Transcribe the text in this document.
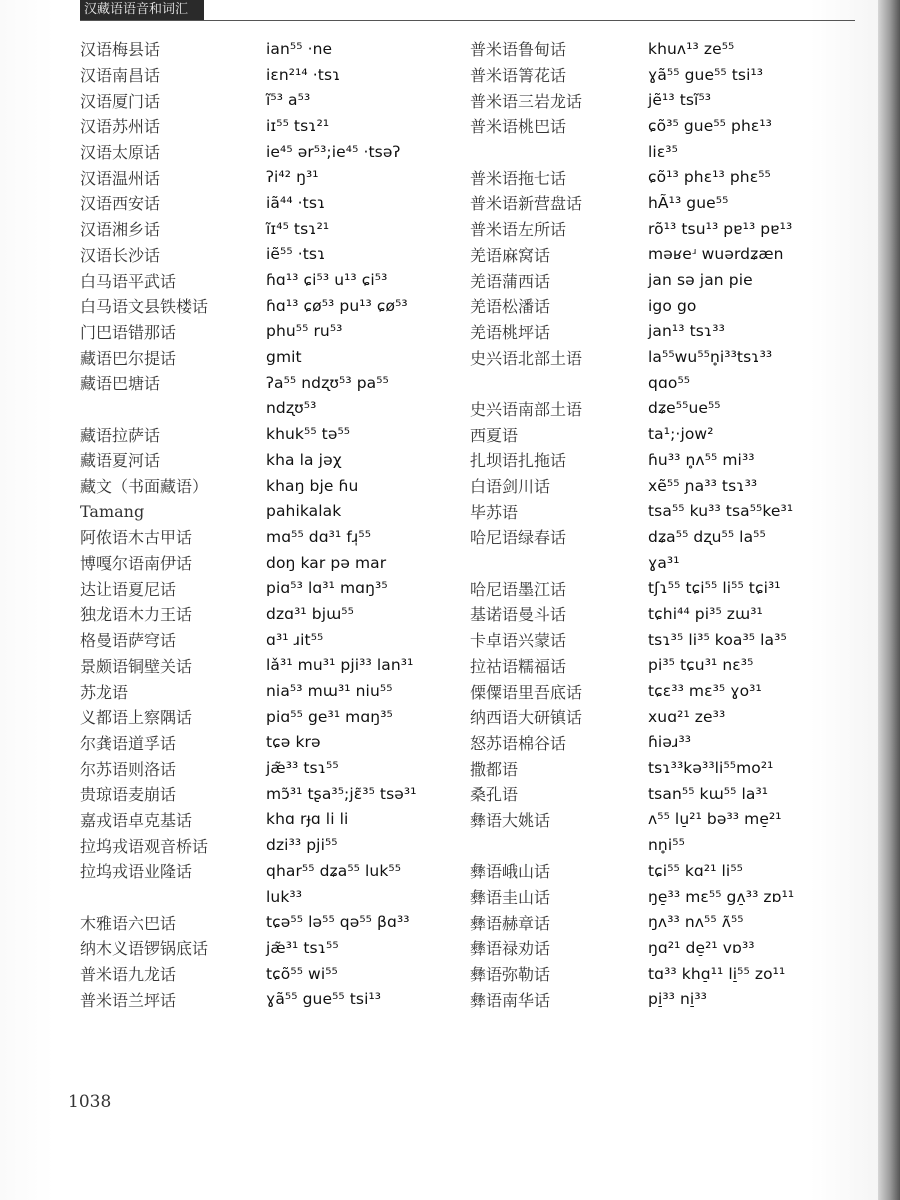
汉藏语语音和词汇
汉语梅县话	ian⁵⁵ ·ne
汉语南昌话	iɛn²¹⁴ ·tsɿ
汉语厦门话	ĩ⁵³ a⁵³
汉语苏州话	iɪ⁵⁵ tsɿ²¹
汉语太原话	ie⁴⁵ ər⁵³;ie⁴⁵ ·tsəʔ
汉语温州话	ʔi⁴² ŋ³¹
汉语西安话	iã⁴⁴ ·tsɿ
汉语湘乡话	ĩɪ⁴⁵ tsɿ²¹
汉语长沙话	iẽ⁵⁵ ·tsɿ
白马语平武话	ɦɑ¹³ ɕi⁵³ u¹³ ɕi⁵³
白马语文县铁楼话	ɦɑ¹³ ɕø⁵³ pu¹³ ɕø⁵³
门巴语错那话	phu⁵⁵ ru⁵³
藏语巴尔提话	gmit
藏语巴塘话	ʔa⁵⁵ ndʐʊ⁵³ pa⁵⁵
ndʐʊ⁵³
藏语拉萨话	khuk⁵⁵ tə⁵⁵
藏语夏河话	kha la jəχ
藏文（书面藏语）	khaŋ bje ɦu
Tamang	pahikalak
阿侬语木古甲话	mɑ⁵⁵ dɑ³¹ fɹ̩⁵⁵
博嘎尔语南伊话	doŋ kar pə mar
达让语夏尼话	piɑ⁵³ lɑ³¹ mɑŋ³⁵
独龙语木力王话	dzɑ³¹ bjɯ⁵⁵
格曼语萨穹话	ɑ³¹ ɹit⁵⁵
景颇语铜壁关话	lǎ³¹ mu³¹ pji³³ lan³¹
苏龙语	nia⁵³ mɯ³¹ niu⁵⁵
义都语上察隅话	piɑ⁵⁵ ge³¹ mɑŋ³⁵
尔龚语道孚话	tɕə krə
尔苏语则洛话	jæ̃³³ tsɿ⁵⁵
贵琼语麦崩话	mɔ̃³¹ tʂa³⁵;jɛ̃³⁵ tsə³¹
嘉戎语卓克基话	khɑ rɟɑ li li
拉坞戎语观音桥话	dzi³³ pji⁵⁵
拉坞戎语业隆话	qhar⁵⁵ dʑa⁵⁵ luk⁵⁵
luk³³
木雅语六巴话	tɕə⁵⁵ lə⁵⁵ qə⁵⁵ βɑ³³
纳木义语锣锅底话	jæ̃³¹ tsɿ⁵⁵
普米语九龙话	tɕõ⁵⁵ wi⁵⁵
普米语兰坪话	ɣã⁵⁵ gue⁵⁵ tsi¹³
普米语鲁甸话	khuʌ¹³ ze⁵⁵
普米语箐花话	ɣã⁵⁵ gue⁵⁵ tsi¹³
普米语三岩龙话	jẽ¹³ tsĩ⁵³
普米语桃巴话	ɕõ³⁵ gue⁵⁵ phɛ¹³
liɛ³⁵
普米语拖七话	ɕõ¹³ phɛ¹³ phɛ⁵⁵
普米语新营盘话	hÃ¹³ gue⁵⁵
普米语左所话	rõ¹³ tsu¹³ pɐ¹³ pɐ¹³
羌语麻窝话	məʁeʴ wuərdʑæn
羌语蒲西话	jan sə jan pie
羌语松潘话	igo go
羌语桃坪话	jan¹³ tsɿ³³
史兴语北部土语	la⁵⁵wu⁵⁵n̥i³³tsɿ³³
qɑo⁵⁵
史兴语南部土语	dʑe⁵⁵ue⁵⁵
西夏语	ta¹;·jow²
扎坝语扎拖话	ɦu³³ n̥ʌ⁵⁵ mi³³
白语剑川话	xẽ⁵⁵ ɲa³³ tsɿ³³
毕苏语	tsa⁵⁵ ku³³ tsa⁵⁵ke³¹
哈尼语绿春话	dʑa⁵⁵ dʐu⁵⁵ la⁵⁵
ɣa³¹
哈尼语墨江话	tʃɿ⁵⁵ tɕi⁵⁵ li⁵⁵ tɕi³¹
基诺语曼斗话	tɕhi⁴⁴ pi³⁵ zɯ³¹
卡卓语兴蒙话	tsɿ³⁵ li³⁵ koa³⁵ la³⁵
拉祜语糯福话	pi³⁵ tɕu³¹ nɛ³⁵
傈僳语里吾底话	tɕɛ³³ mɛ³⁵ ɣo³¹
纳西语大研镇话	xuɑ²¹ ze³³
怒苏语棉谷话	ɦiəɹ³³
撒都语	tsɿ³³kə³³li⁵⁵mo²¹
桑孔语	tsan⁵⁵ kɯ⁵⁵ la³¹
彝语大姚话	ʌ⁵⁵ lu̠²¹ bə³³ me̠²¹
nn̥i⁵⁵
彝语峨山话	tɕi⁵⁵ kɑ²¹ li⁵⁵
彝语圭山话	ŋe̠³³ mɛ⁵⁵ gʌ̠³³ zɒ¹¹
彝语赫章话	ŋʌ³³ nʌ⁵⁵ ʌ̃⁵⁵
彝语禄劝话	ŋɑ²¹ de̠²¹ vɒ³³
彝语弥勒话	tɑ³³ khɑ̠¹¹ li̠⁵⁵ zo¹¹
彝语南华话	pi̠³³ ni̠³³
1038
